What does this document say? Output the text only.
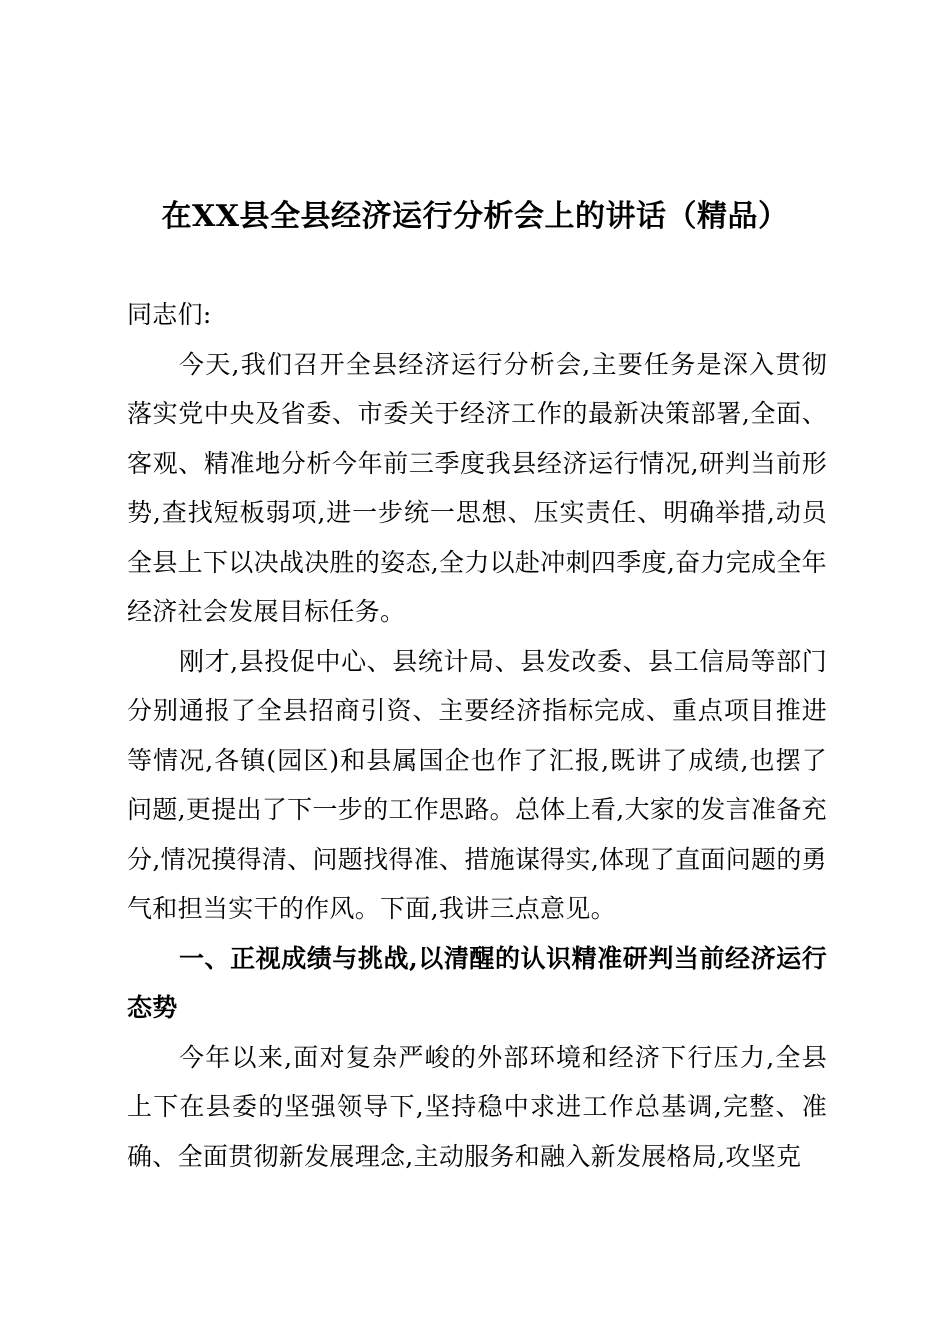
在XX县全县经济运行分析会上的讲话（精品）

同志们:

今天,我们召开全县经济运行分析会,主要任务是深入贯彻落实党中央及省委、市委关于经济工作的最新决策部署,全面、客观、精准地分析今年前三季度我县经济运行情况,研判当前形势,查找短板弱项,进一步统一思想、压实责任、明确举措,动员全县上下以决战决胜的姿态,全力以赴冲刺四季度,奋力完成全年经济社会发展目标任务。

刚才,县投促中心、县统计局、县发改委、县工信局等部门分别通报了全县招商引资、主要经济指标完成、重点项目推进等情况,各镇(园区)和县属国企也作了汇报,既讲了成绩,也摆了问题,更提出了下一步的工作思路。总体上看,大家的发言准备充分,情况摸得清、问题找得准、措施谋得实,体现了直面问题的勇气和担当实干的作风。下面,我讲三点意见。

一、正视成绩与挑战,以清醒的认识精准研判当前经济运行态势

今年以来,面对复杂严峻的外部环境和经济下行压力,全县上下在县委的坚强领导下,坚持稳中求进工作总基调,完整、准确、全面贯彻新发展理念,主动服务和融入新发展格局,攻坚克
